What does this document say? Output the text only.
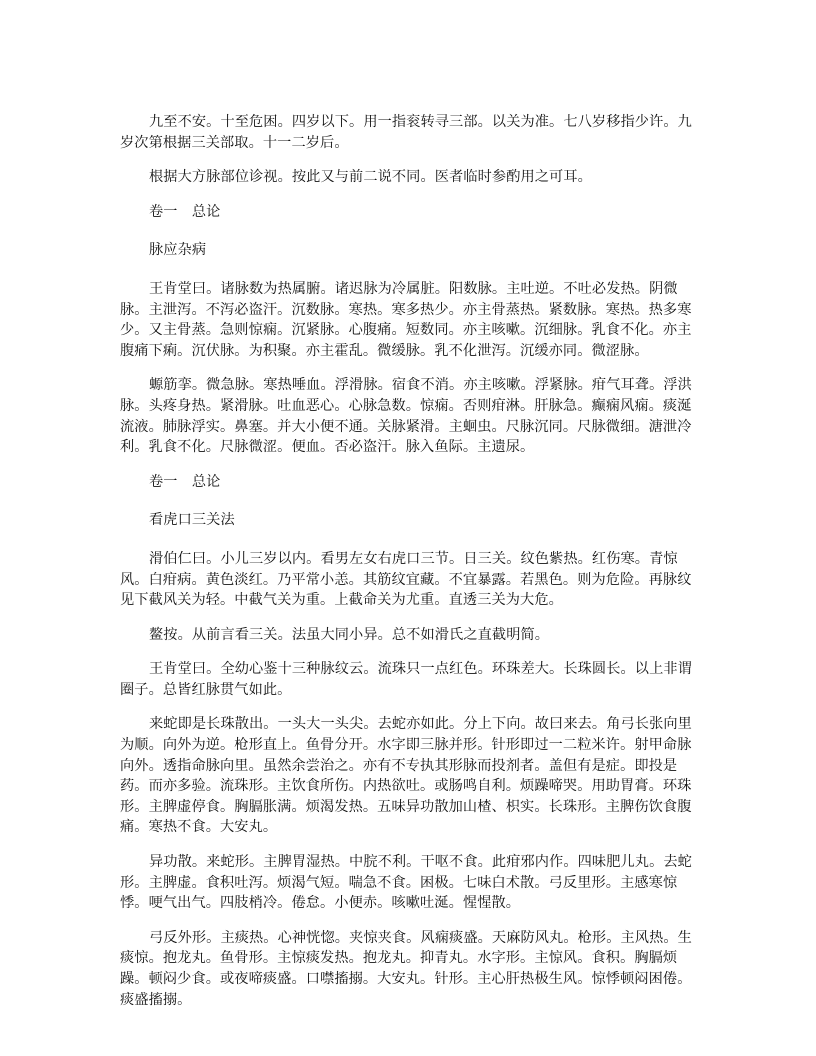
九至不安。十至危困。四岁以下。用一指衮转寻三部。以关为准。七八岁移指少许。九岁次第根据三关部取。十一二岁后。

根据大方脉部位诊视。按此又与前二说不同。医者临时参酌用之可耳。

卷一　总论

脉应杂病

王肯堂曰。诸脉数为热属腑。诸迟脉为冷属脏。阳数脉。主吐逆。不吐必发热。阴微脉。主泄泻。不泻必盗汗。沉数脉。寒热。寒多热少。亦主骨蒸热。紧数脉。寒热。热多寒少。又主骨蒸。急则惊痫。沉紧脉。心腹痛。短数同。亦主咳嗽。沉细脉。乳食不化。亦主腹痛下痢。沉伏脉。为积聚。亦主霍乱。微缓脉。乳不化泄泻。沉缓亦同。微涩脉。

螈筋挛。微急脉。寒热唾血。浮滑脉。宿食不消。亦主咳嗽。浮紧脉。疳气耳聋。浮洪脉。头疼身热。紧滑脉。吐血恶心。心脉急数。惊痫。否则疳淋。肝脉急。癫痫风痫。痰涎流液。肺脉浮实。鼻塞。并大小便不通。关脉紧滑。主蛔虫。尺脉沉同。尺脉微细。溏泄冷利。乳食不化。尺脉微涩。便血。否必盗汗。脉入鱼际。主遗尿。

卷一　总论

看虎口三关法

滑伯仁曰。小儿三岁以内。看男左女右虎口三节。日三关。纹色紫热。红伤寒。青惊风。白疳病。黄色淡红。乃平常小恙。其筋纹宜藏。不宜暴露。若黑色。则为危险。再脉纹见下截风关为轻。中截气关为重。上截命关为尤重。直透三关为大危。

鳌按。从前言看三关。法虽大同小异。总不如滑氏之直截明简。

王肯堂曰。全幼心鉴十三种脉纹云。流珠只一点红色。环珠差大。长珠圆长。以上非谓圈子。总皆红脉贯气如此。

来蛇即是长珠散出。一头大一头尖。去蛇亦如此。分上下向。故曰来去。角弓长张向里为顺。向外为逆。枪形直上。鱼骨分开。水字即三脉并形。针形即过一二粒米许。射甲命脉向外。透指命脉向里。虽然余尝治之。亦有不专执其形脉而投剂者。盖但有是症。即投是药。而亦多验。流珠形。主饮食所伤。内热欲吐。或肠鸣自利。烦躁啼哭。用助胃膏。环珠形。主脾虚停食。胸膈胀满。烦渴发热。五味异功散加山楂、枳实。长珠形。主脾伤饮食腹痛。寒热不食。大安丸。

异功散。来蛇形。主脾胃湿热。中脘不利。干呕不食。此疳邪内作。四味肥儿丸。去蛇形。主脾虚。食积吐泻。烦渴气短。喘急不食。困极。七味白术散。弓反里形。主感寒惊悸。哽气出气。四肢梢冷。倦怠。小便赤。咳嗽吐涎。惺惺散。

弓反外形。主痰热。心神恍惚。夹惊夹食。风痫痰盛。天麻防风丸。枪形。主风热。生痰惊。抱龙丸。鱼骨形。主惊痰发热。抱龙丸。抑青丸。水字形。主惊风。食积。胸膈烦躁。顿闷少食。或夜啼痰盛。口噤搐搦。大安丸。针形。主心肝热极生风。惊悸顿闷困倦。痰盛搐搦。
